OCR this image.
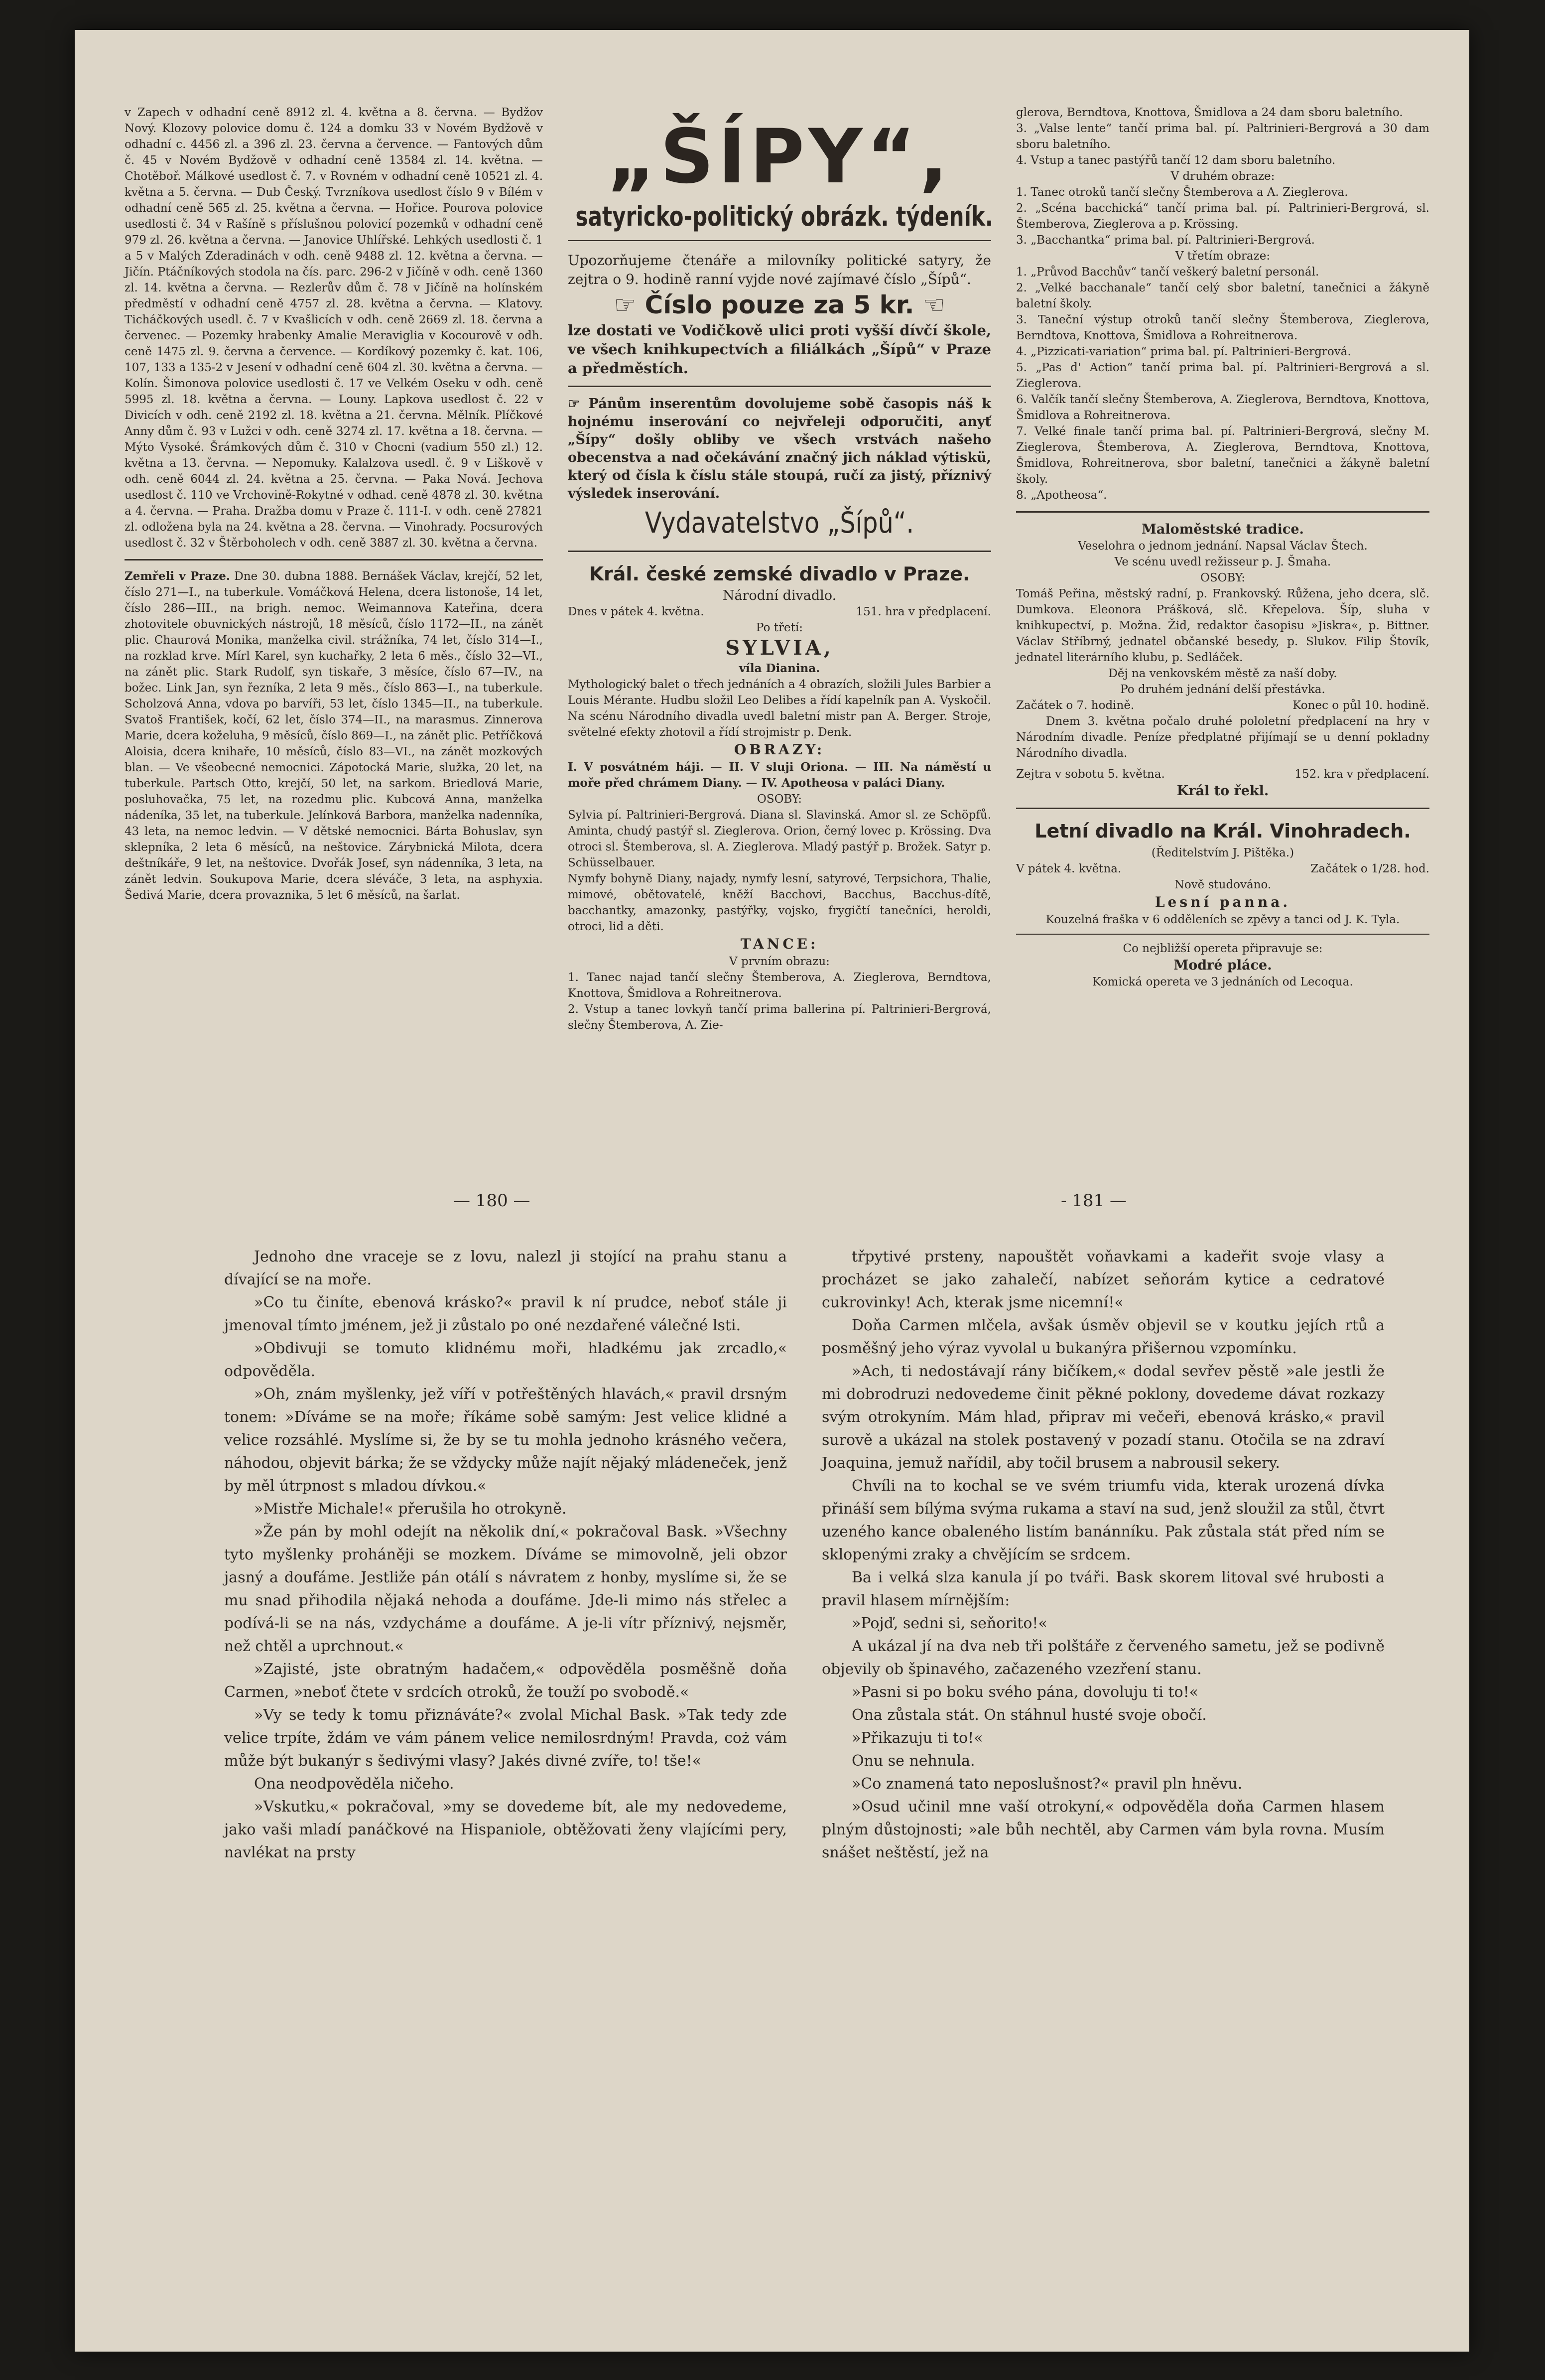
v Zapech v odhadní ceně 8912 zl. 4. května a 8. června. — Bydžov Nový. Klozovy polovice domu č. 124 a domku 33 v Novém Bydžově v odhadní c. 4456 zl. a 396 zl. 23. června a července. — Fantových dům č. 45 v Novém Bydžově v odhadní ceně 13584 zl. 14. května. — Chotěboř. Málkové usedlost č. 7. v Rovném v odhadní ceně 10521 zl. 4. května a 5. června. — Dub Český. Tvrzníkova usedlost číslo 9 v Bílém v odhadní ceně 565 zl. 25. května a června. — Hořice. Pourova polovice usedlosti č. 34 v Rašíně s příslušnou polovicí pozemků v odhadní ceně 979 zl. 26. května a června. — Janovice Uhlířské. Lehkých usedlosti č. 1 a 5 v Malých Zderadinách v odh. ceně 9488 zl. 12. května a června. — Jičín. Ptáčníkových stodola na čís. parc. 296-2 v Jičíně v odh. ceně 1360 zl. 14. května a června. — Rezlerův dům č. 78 v Jičíně na holínském předměstí v odhadní ceně 4757 zl. 28. května a června. — Klatovy. Ticháčkových usedl. č. 7 v Kvašlicích v odh. ceně 2669 zl. 18. června a červenec. — Pozemky hrabenky Amalie Meraviglia v Kocourově v odh. ceně 1475 zl. 9. června a července. — Kordíkový pozemky č. kat. 106, 107, 133 a 135-2 v Jesení v odhadní ceně 604 zl. 30. května a června. — Kolín. Šimonova polovice usedlosti č. 17 ve Velkém Oseku v odh. ceně 5995 zl. 18. května a června. — Louny. Lapkova usedlost č. 22 v Divicích v odh. ceně 2192 zl. 18. května a 21. června. Mělník. Plíčkové Anny dům č. 93 v Lužci v odh. ceně 3274 zl. 17. května a 18. června. — Mýto Vysoké. Šrámkových dům č. 310 v Chocni (vadium 550 zl.) 12. května a 13. června. — Nepomuky. Kalalzova usedl. č. 9 v Liškově v odh. ceně 6044 zl. 24. května a 25. června. — Paka Nová. Jechova usedlost č. 110 ve Vrchovině-Rokytné v odhad. ceně 4878 zl. 30. května a 4. června. — Praha. Dražba domu v Praze č. 111-I. v odh. ceně 27821 zl. odložena byla na 24. května a 28. června. — Vinohrady. Pocsurových usedlost č. 32 v Štěrboholech v odh. ceně 3887 zl. 30. května a června.

Zemřeli v Praze. Dne 30. dubna 1888. Bernášek Václav, krejčí, 52 let, číslo 271—I., na tuberkule. Vomáčková Helena, dcera listonoše, 14 let, číslo 286—III., na brigh. nemoc. Weimannova Kateřina, dcera zhotovitele obuvnických nástrojů, 18 měsíců, číslo 1172—II., na zánět plic. Chaurová Monika, manželka civil. strážníka, 74 let, číslo 314—I., na rozklad krve. Mírl Karel, syn kuchařky, 2 leta 6 měs., číslo 32—VI., na zánět plic. Stark Rudolf, syn tiskaře, 3 měsíce, číslo 67—IV., na božec. Link Jan, syn řezníka, 2 leta 9 měs., číslo 863—I., na tuberkule. Scholzová Anna, vdova po barvíři, 53 let, číslo 1345—II., na tuberkule. Svatoš František, kočí, 62 let, číslo 374—II., na marasmus. Zinnerova Marie, dcera koželuha, 9 měsíců, číslo 869—I., na zánět plic. Petříčková Aloisia, dcera knihaře, 10 měsíců, číslo 83—VI., na zánět mozkových blan. — Ve všeobecné nemocnici. Zápotocká Marie, služka, 20 let, na tuberkule. Partsch Otto, krejčí, 50 let, na sarkom. Briedlová Marie, posluhovačka, 75 let, na rozedmu plic. Kubcová Anna, manželka nádeníka, 35 let, na tuberkule. Jelínková Barbora, manželka nadenníka, 43 leta, na nemoc ledvin. — V dětské nemocnici. Bárta Bohuslav, syn sklepníka, 2 leta 6 měsíců, na neštovice. Zárybnická Milota, dcera deštníkáře, 9 let, na neštovice. Dvořák Josef, syn nádenníka, 3 leta, na zánět ledvin. Soukupova Marie, dcera sléváče, 3 leta, na asphyxia. Šedivá Marie, dcera provaznika, 5 let 6 měsíců, na šarlat.

„ŠÍPY“,
satyricko-politický obrázk. týdeník.

Upozorňujeme čtenáře a milovníky politické satyry, že zejtra o 9. hodině ranní vyjde nové zajímavé číslo „Šípů“.

☞ Číslo pouze za 5 kr. ☜

lze dostati ve Vodičkově ulici proti vyšší dívčí škole, ve všech knihkupectvích a filiálkách „Šípů“ v Praze a předměstích.

☞ Pánům inserentům dovolujeme sobě časopis náš k hojnému inserování co nejvřeleji odporučiti, anyť „Šípy“ došly obliby ve všech vrstvách našeho obecenstva a nad očekávání značný jich náklad výtiskü, který od čísla k číslu stále stoupá, ručí za jistý, příznivý výsledek inserování.

Vydavatelstvo „Šípů“.
Král. české zemské divadlo v Praze.
Národní divadlo.
Dnes v pátek 4. května.	151. hra v předplacení.
Po třetí:
SYLVIA,
víla Dianina.

Mythologický balet o třech jednáních a 4 obrazích, složili Jules Barbier a Louis Mérante. Hudbu složil Leo Delibes a řídí kapelník pan A. Vyskočil. Na scénu Národního divadla uvedl baletní mistr pan A. Berger. Stroje, světelné efekty zhotovil a řídí strojmistr p. Denk.

OBRAZY:

I. V posvátném háji. — II. V sluji Oriona. — III. Na náměstí u moře před chrámem Diany. — IV. Apotheosa v paláci Diany.

OSOBY:

Sylvia pí. Paltrinieri-Bergrová. Diana sl. Slavinská. Amor sl. ze Schöpfů. Aminta, chudý pastýř sl. Zieglerova. Orion, černý lovec p. Krössing. Dva otroci sl. Štemberova, sl. A. Zieglerova. Mladý pastýř p. Brožek. Satyr p. Schüsselbauer.

Nymfy bohyně Diany, najady, nymfy lesní, satyrové, Terpsichora, Thalie, mimové, obětovatelé, kněží Bacchovi, Bacchus, Bacchus-dítě, bacchantky, amazonky, pastýřky, vojsko, frygičtí tanečníci, heroldi, otroci, lid a děti.

TANCE:
V prvním obrazu:

1. Tanec najad tančí slečny Štemberova, A. Zieglerova, Berndtova, Knottova, Šmidlova a Rohreitnerova.

2. Vstup a tanec lovkyň tančí prima ballerina pí. Paltrinieri-Bergrová, slečny Štemberova, A. Zie-

glerova, Berndtova, Knottova, Šmidlova a 24 dam sboru baletního.

3. „Valse lente“ tančí prima bal. pí. Paltrinieri-Bergrová a 30 dam sboru baletního.

4. Vstup a tanec pastýřů tančí 12 dam sboru baletního.

V druhém obraze:

1. Tanec otroků tančí slečny Štemberova a A. Zieglerova.

2. „Scéna bacchická“ tančí prima bal. pí. Paltrinieri-Bergrová, sl. Štemberova, Zieglerova a p. Krössing.

3. „Bacchantka“ prima bal. pí. Paltrinieri-Bergrová.

V třetím obraze:

1. „Průvod Bacchův“ tančí veškerý baletní personál.

2. „Velké bacchanale“ tančí celý sbor baletní, tanečnici a žákyně baletní školy.

3. Taneční výstup otroků tančí slečny Štemberova, Zieglerova, Berndtova, Knottova, Šmidlova a Rohreitnerova.

4. „Pizzicati-variation“ prima bal. pí. Paltrinieri-Bergrová.

5. „Pas d' Action“ tančí prima bal. pí. Paltrinieri-Bergrová a sl. Zieglerova.

6. Valčík tančí slečny Štemberova, A. Zieglerova, Berndtova, Knottova, Šmidlova a Rohreitnerova.

7. Velké finale tančí prima bal. pí. Paltrinieri-Bergrová, slečny M. Zieglerova, Štemberova, A. Zieglerova, Berndtova, Knottova, Šmidlova, Rohreitnerova, sbor baletní, tanečnici a žákyně baletní školy.

8. „Apotheosa“.

Maloměstské tradice.
Veselohra o jednom jednání. Napsal Václav Štech.
Ve scénu uvedl režisseur p. J. Šmaha.
OSOBY:

Tomáš Peřina, městský radní, p. Frankovský. Růžena, jeho dcera, slč. Dumkova. Eleonora Prášková, slč. Křepelova. Šíp, sluha v knihkupectví, p. Možna. Žid, redaktor časopisu »Jiskra«, p. Bittner. Václav Stříbrný, jednatel občanské besedy, p. Slukov. Filip Štovík, jednatel literárního klubu, p. Sedláček.

Děj na venkovském městě za naší doby.
Po druhém jednání delší přestávka.
Začátek o 7. hodině.	Konec o půl 10. hodině.

Dnem 3. května počalo druhé pololetní předplacení na hry v Národním divadle. Peníze předplatné přijímají se u denní pokladny Národního divadla.

Zejtra v sobotu 5. května.	152. kra v předplacení.
Král to řekl.
Letní divadlo na Král. Vinohradech.
(Ředitelstvím J. Pištěka.)
V pátek 4. května.	Začátek o 1/28. hod.
Nově studováno.
Lesní panna.
Kouzelná fraška v 6 odděleních se zpěvy a tanci od J. K. Tyla.
Co nejbližší opereta připravuje se:
Modré pláce.
Komická opereta ve 3 jednáních od Lecoqua.
— 180 —	- 181 —

Jednoho dne vraceje se z lovu, nalezl ji stojící na prahu stanu a dívající se na moře.

»Co tu činíte, ebenová krásko?« pravil k ní prudce, neboť stále ji jmenoval tímto jménem, jež ji zůstalo po oné nezdařené válečné lsti.

»Obdivuji se tomuto klidnému moři, hladkému jak zrcadlo,« odpověděla.

»Oh, znám myšlenky, jež víří v potřeštěných hlavách,« pravil drsným tonem: »Díváme se na moře; říkáme sobě samým: Jest velice klidné a velice rozsáhlé. Myslíme si, že by se tu mohla jednoho krásného večera, náhodou, objevit bárka; že se vždycky může najít nějaký mládeneček, jenž by měl útrpnost s mladou dívkou.«

»Mistře Michale!« přerušila ho otrokyně.

»Že pán by mohl odejít na několik dní,« pokračoval Bask. »Všechny tyto myšlenky proháněji se mozkem. Díváme se mimovolně, jeli obzor jasný a doufáme. Jestliže pán otálí s návratem z honby, myslíme si, že se mu snad přihodila nějaká nehoda a doufáme. Jde-li mimo nás střelec a podívá-li se na nás, vzdycháme a doufáme. A je-li vítr příznivý, nejsměr, než chtěl a uprchnout.«

»Zajisté, jste obratným hadačem,« odpověděla posměšně doňa Carmen, »neboť čtete v srdcích otroků, že touží po svobodě.«

»Vy se tedy k tomu přiznáváte?« zvolal Michal Bask. »Tak tedy zde velice trpíte, ždám ve vám pánem velice nemilosrdným! Pravda, coż vám může být bukanýr s šedivými vlasy? Jakés divné zvíře, to! tše!«

Ona neodpověděla ničeho.

»Vskutku,« pokračoval, »my se dovedeme bít, ale my nedovedeme, jako vaši mladí panáčkové na Hispaniole, obtěžovati ženy vlajícími pery, navlékat na prsty

třpytivé prsteny, napouštět voňavkami a kadeřit svoje vlasy a procházet se jako zahalečí, nabízet seňorám kytice a cedratové cukrovinky! Ach, kterak jsme nicemní!«

Doňa Carmen mlčela, avšak úsměv objevil se v koutku jejích rtů a posměšný jeho výraz vyvolal u bukanýra přišernou vzpomínku.

»Ach, ti nedostávají rány bičíkem,« dodal sevřev pěstě »ale jestli že mi dobrodruzi nedovedeme činit pěkné poklony, dovedeme dávat rozkazy svým otrokyním. Mám hlad, připrav mi večeři, ebenová krásko,« pravil surově a ukázal na stolek postavený v pozadí stanu. Otočila se na zdraví Joaquina, jemuž nařídil, aby točil brusem a nabrousil sekery.

Chvíli na to kochal se ve svém triumfu vida, kterak urozená dívka přináší sem bílýma svýma rukama a staví na sud, jenž sloužil za stůl, čtvrt uzeného kance obaleného listím banánníku. Pak zůstala stát před ním se sklopenými zraky a chvějícím se srdcem.

Ba i velká slza kanula jí po tváři. Bask skorem litoval své hrubosti a pravil hlasem mírnějším:

»Pojď, sedni si, seňorito!«

A ukázal jí na dva neb tři polštáře z červeného sametu, jež se podivně objevily ob špinavého, začazeného vzezření stanu.

»Pasni si po boku svého pána, dovoluju ti to!«

Ona zůstala stát. On stáhnul husté svoje obočí.

»Přikazuju ti to!«

Onu se nehnula.

»Co znamená tato neposlušnost?« pravil pln hněvu.

»Osud učinil mne vaší otrokyní,« odpověděla doňa Carmen hlasem plným důstojnosti; »ale bůh nechtěl, aby Carmen vám byla rovna. Musím snášet neštěstí, jež na
